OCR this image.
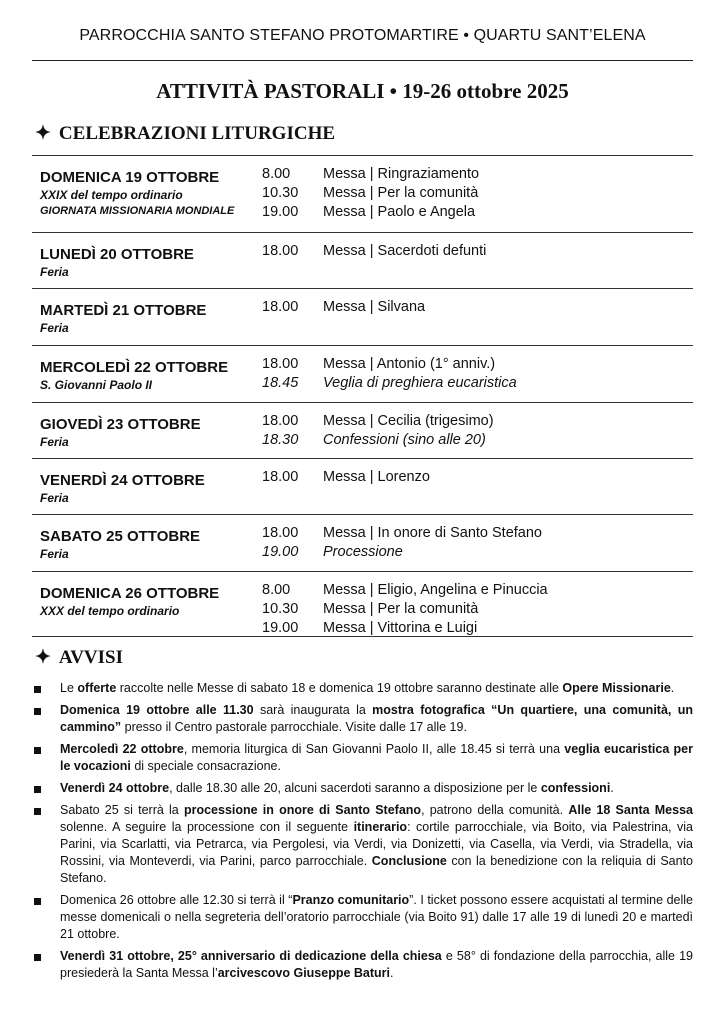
PARROCCHIA SANTO STEFANO PROTOMARTIRE • QUARTU SANT’ELENA
ATTIVITÀ PASTORALI • 19-26 ottobre 2025
✦ CELEBRAZIONI LITURGICHE
DOMENICA 19 OTTOBRE
XXIX del tempo ordinario
GIORNATA MISSIONARIA MONDIALE
8.00 Messa | Ringraziamento
10.30 Messa | Per la comunità
19.00 Messa | Paolo e Angela
LUNEDÌ 20 OTTOBRE
Feria
18.00 Messa | Sacerdoti defunti
MARTEDÌ 21 OTTOBRE
Feria
18.00 Messa | Silvana
MERCOLEDÌ 22 OTTOBRE
S. Giovanni Paolo II
18.00 Messa | Antonio (1° anniv.)
18.45 Veglia di preghiera eucaristica
GIOVEDÌ 23 OTTOBRE
Feria
18.00 Messa | Cecilia (trigesimo)
18.30 Confessioni (sino alle 20)
VENERDÌ 24 OTTOBRE
Feria
18.00 Messa | Lorenzo
SABATO 25 OTTOBRE
Feria
18.00 Messa | In onore di Santo Stefano
19.00 Processione
DOMENICA 26 OTTOBRE
XXX del tempo ordinario
8.00 Messa | Eligio, Angelina e Pinuccia
10.30 Messa | Per la comunità
19.00 Messa | Vittorina e Luigi
✦ AVVISI
Le offerte raccolte nelle Messe di sabato 18 e domenica 19 ottobre saranno destinate alle Opere Missionarie.
Domenica 19 ottobre alle 11.30 sarà inaugurata la mostra fotografica “Un quartiere, una comunità, un cammino” presso il Centro pastorale parrocchiale. Visite dalle 17 alle 19.
Mercoledì 22 ottobre, memoria liturgica di San Giovanni Paolo II, alle 18.45 si terrà una veglia eucaristica per le vocazioni di speciale consacrazione.
Venerdì 24 ottobre, dalle 18.30 alle 20, alcuni sacerdoti saranno a disposizione per le confessioni.
Sabato 25 si terrà la processione in onore di Santo Stefano, patrono della comunità. Alle 18 Santa Messa solenne. A seguire la processione con il seguente itinerario: cortile parrocchiale, via Boito, via Palestrina, via Parini, via Scarlatti, via Petrarca, via Pergolesi, via Verdi, via Donizetti, via Casella, via Verdi, via Stradella, via Rossini, via Monteverdi, via Parini, parco parrocchiale. Conclusione con la benedizione con la reliquia di Santo Stefano.
Domenica 26 ottobre alle 12.30 si terrà il “Pranzo comunitario”. I ticket possono essere acquistati al termine delle messe domenicali o nella segreteria dell’oratorio parrocchiale (via Boito 91) dalle 17 alle 19 di lunedì 20 e martedì 21 ottobre.
Venerdì 31 ottobre, 25° anniversario di dedicazione della chiesa e 58° di fondazione della parrocchia, alle 19 presiederà la Santa Messa l’arcivescovo Giuseppe Baturi.
